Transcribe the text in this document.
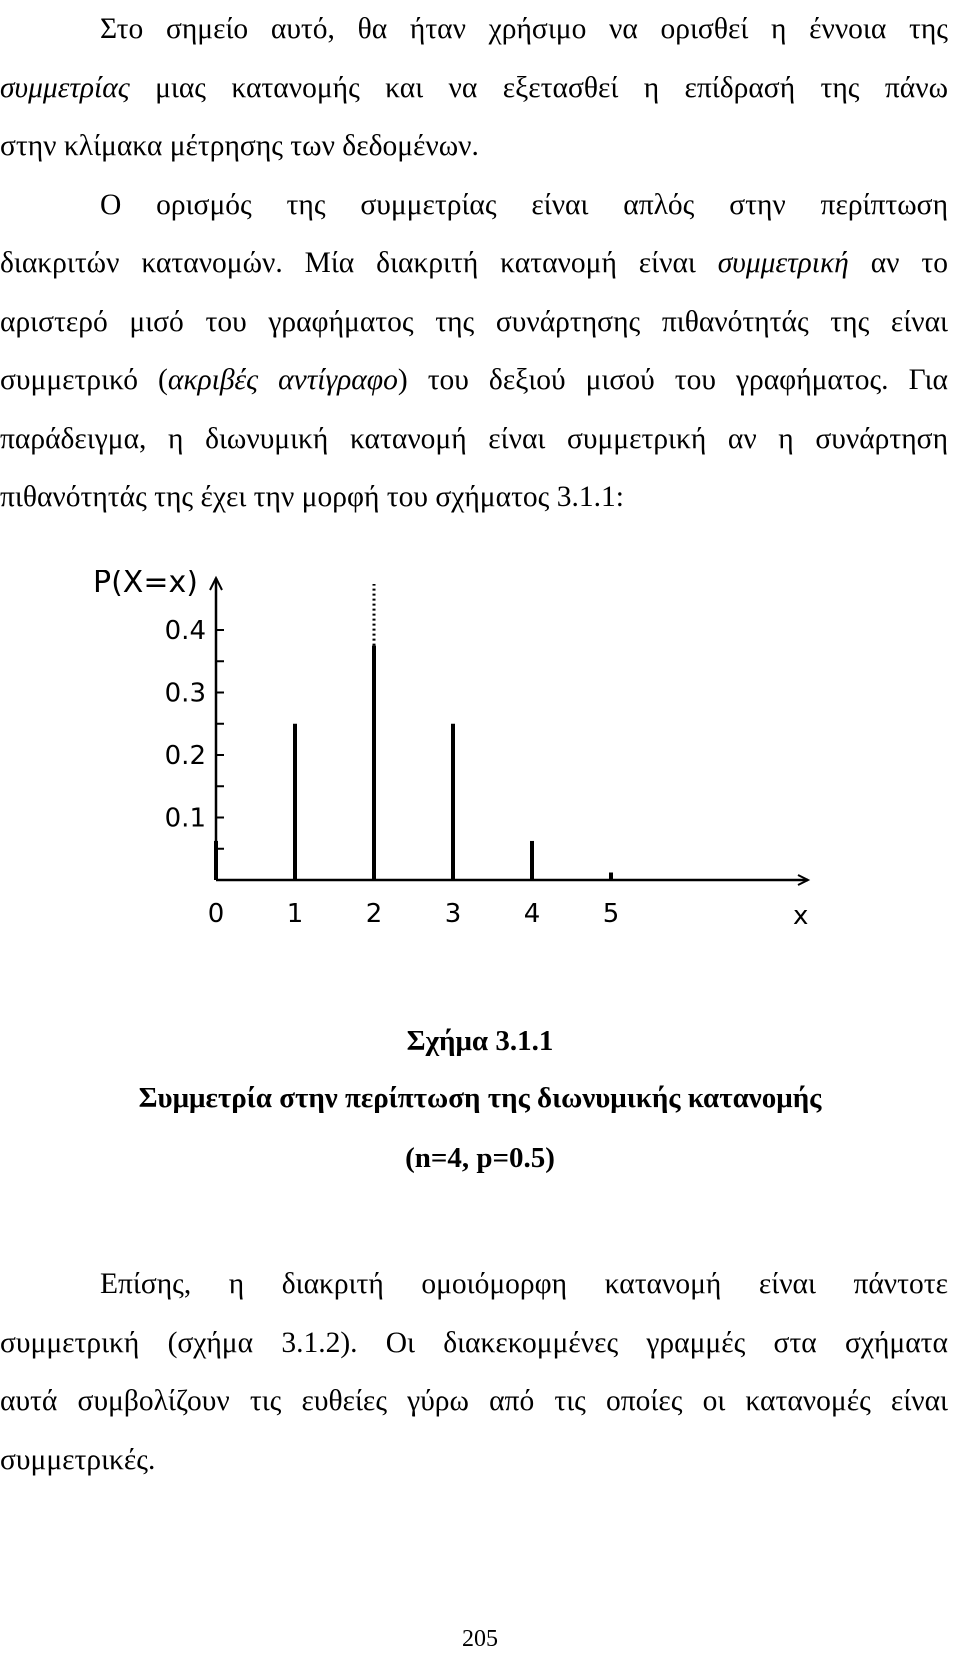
Στο σημείο αυτό, θα ήταν χρήσιμο να ορισθεί η έννοια της
συμμετρίας μιας κατανομής και να εξετασθεί η επίδρασή της πάνω
στην κλίμακα μέτρησης των δεδομένων.
Ο ορισμός της συμμετρίας είναι απλός στην περίπτωση
διακριτών κατανομών. Μία διακριτή κατανομή είναι συμμετρική αν το
αριστερό μισό του γραφήματος της συνάρτησης πιθανότητάς της είναι
συμμετρικό (ακριβές αντίγραφο) του δεξιού μισού του γραφήματος. Για
παράδειγμα, η διωνυμική κατανομή είναι συμμετρική αν η συνάρτηση
πιθανότητάς της έχει την μορφή του σχήματος 3.1.1:
P(X=x)
x
0.1
0.2
0.3
0.4
0 1 2 3 4 5

Σχήμα 3.1.1

Συμμετρία στην περίπτωση της διωνυμικής κατανομής

(n=4, p=0.5)

Επίσης, η διακριτή ομοιόμορφη κατανομή είναι πάντοτε
συμμετρική (σχήμα 3.1.2). Οι διακεκομμένες γραμμές στα σχήματα
αυτά συμβολίζουν τις ευθείες γύρω από τις οποίες οι κατανομές είναι
συμμετρικές.
205
